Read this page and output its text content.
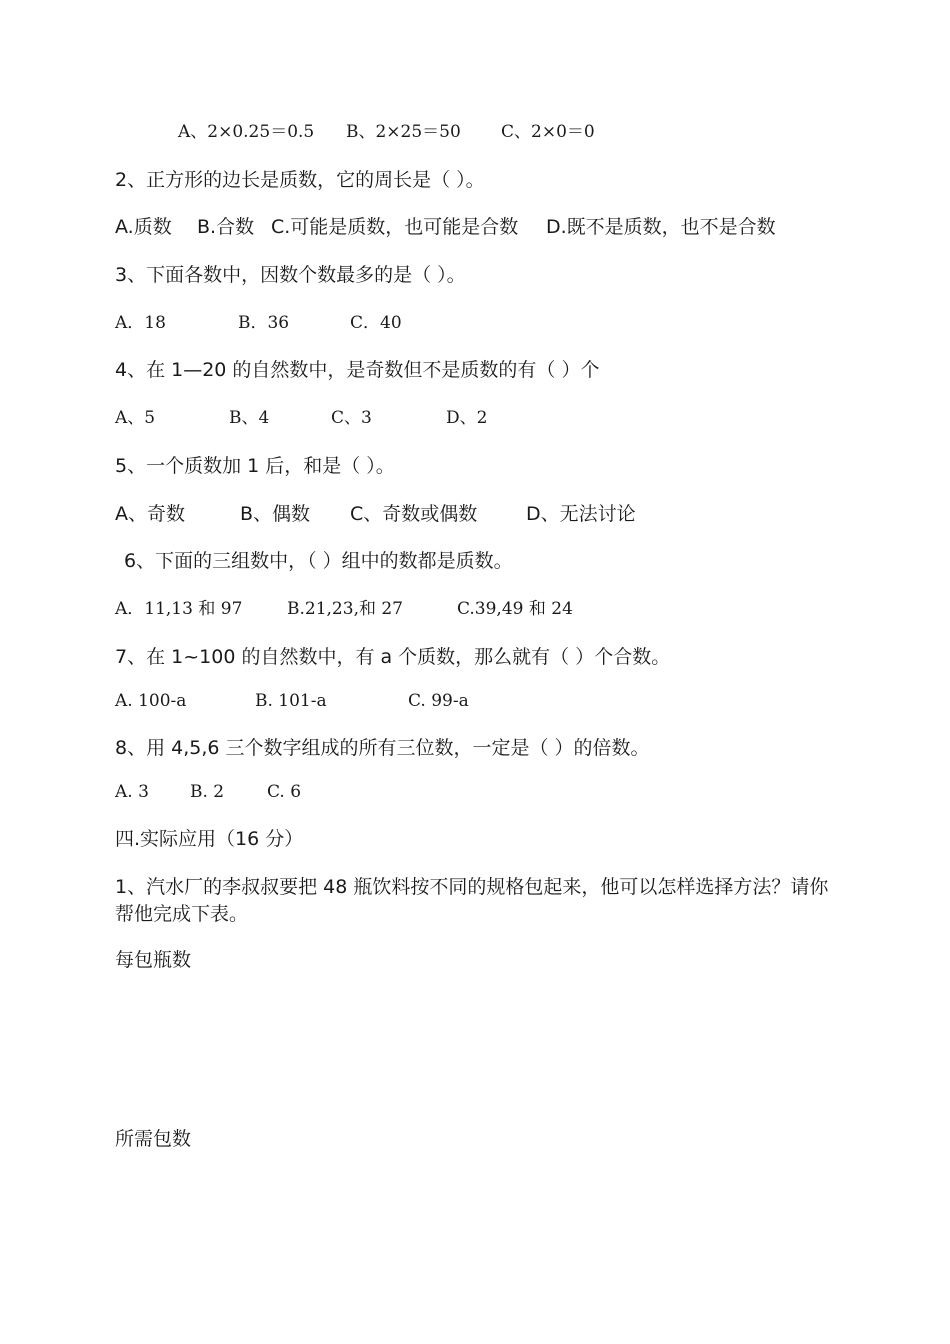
A、2×0.25＝0.5 B、2×25＝50 C、2×0＝0
2、正方形的边长是质数，它的周长是（ ）。
A.质数 B.合数 C.可能是质数，也可能是合数 D.既不是质数，也不是合数
3、下面各数中，因数个数最多的是（ ）。
A．18	B．36	C．40
4、在 1—20 的自然数中，是奇数但不是质数的有（ ）个
A、5	B、4	C、3	D、2
5、一个质数加 1 后，和是（ ）。
A、奇数	B、偶数 C、奇数或偶数	D、无法讨论
6、下面的三组数中，（ ）组中的数都是质数。
A．11,13 和 97	B.21,23,和 27	C.39,49 和 24
7、在 1~100 的自然数中，有 a 个质数，那么就有（ ）个合数。
A. 100-a	B. 101-a	C. 99-a
8、用 4,5,6 三个数字组成的所有三位数，一定是（ ）的倍数。
A. 3 B. 2	C. 6
四.实际应用（16 分）
1、汽水厂的李叔叔要把 48 瓶饮料按不同的规格包起来，他可以怎样选择方法？请你帮他完成下表。
每包瓶数
所需包数
